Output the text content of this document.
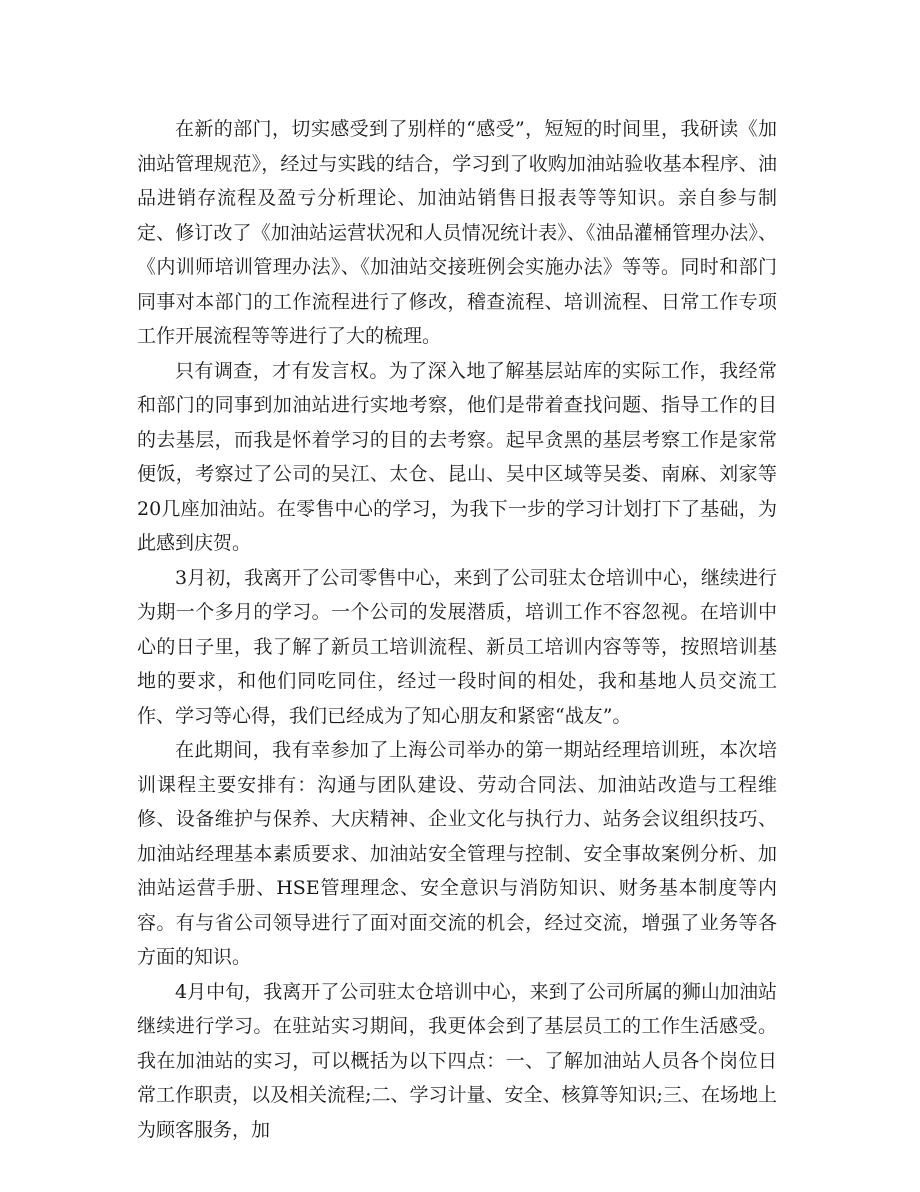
在新的部门，切实感受到了别样的“感受”，短短的时间里，我研读《加油站管理规范》，经过与实践的结合，学习到了收购加油站验收基本程序、油品进销存流程及盈亏分析理论、加油站销售日报表等等知识。亲自参与制定、修订改了《加油站运营状况和人员情况统计表》、《油品灌桶管理办法》、《内训师培训管理办法》、《加油站交接班例会实施办法》等等。同时和部门同事对本部门的工作流程进行了修改，稽查流程、培训流程、日常工作专项工作开展流程等等进行了大的梳理。

只有调查，才有发言权。为了深入地了解基层站库的实际工作，我经常和部门的同事到加油站进行实地考察，他们是带着查找问题、指导工作的目的去基层，而我是怀着学习的目的去考察。起早贪黑的基层考察工作是家常便饭，考察过了公司的吴江、太仓、昆山、吴中区域等吴娄、南麻、刘家等20几座加油站。在零售中心的学习，为我下一步的学习计划打下了基础，为此感到庆贺。

3月初，我离开了公司零售中心，来到了公司驻太仓培训中心，继续进行为期一个多月的学习。一个公司的发展潜质，培训工作不容忽视。在培训中心的日子里，我了解了新员工培训流程、新员工培训内容等等，按照培训基地的要求，和他们同吃同住，经过一段时间的相处，我和基地人员交流工作、学习等心得，我们已经成为了知心朋友和紧密“战友”。

在此期间，我有幸参加了上海公司举办的第一期站经理培训班，本次培训课程主要安排有：沟通与团队建设、劳动合同法、加油站改造与工程维修、设备维护与保养、大庆精神、企业文化与执行力、站务会议组织技巧、加油站经理基本素质要求、加油站安全管理与控制、安全事故案例分析、加油站运营手册、HSE管理理念、安全意识与消防知识、财务基本制度等内容。有与省公司领导进行了面对面交流的机会，经过交流，增强了业务等各方面的知识。

4月中旬，我离开了公司驻太仓培训中心，来到了公司所属的狮山加油站继续进行学习。在驻站实习期间，我更体会到了基层员工的工作生活感受。我在加油站的实习，可以概括为以下四点：一、了解加油站人员各个岗位日常工作职责，以及相关流程;二、学习计量、安全、核算等知识;三、在场地上为顾客服务，加
